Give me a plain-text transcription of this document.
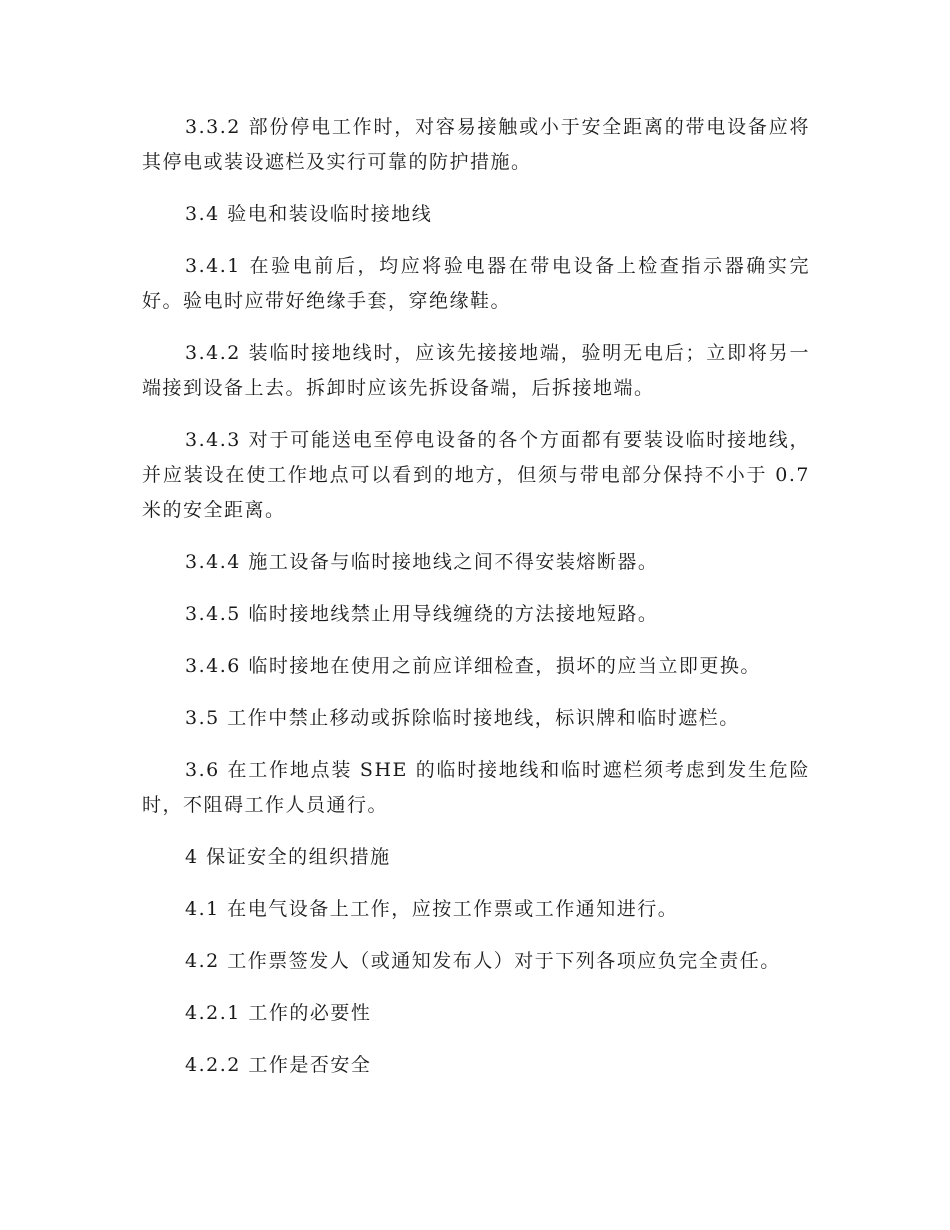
3.3.2 部份停电工作时，对容易接触或小于安全距离的带电设备应将其停电或装设遮栏及实行可靠的防护措施。

3.4 验电和装设临时接地线

3.4.1 在验电前后，均应将验电器在带电设备上检查指示器确实完好。验电时应带好绝缘手套，穿绝缘鞋。

3.4.2 装临时接地线时，应该先接接地端，验明无电后；立即将另一端接到设备上去。拆卸时应该先拆设备端，后拆接地端。

3.4.3 对于可能送电至停电设备的各个方面都有要装设临时接地线，并应装设在使工作地点可以看到的地方，但须与带电部分保持不小于 0.7 米的安全距离。

3.4.4 施工设备与临时接地线之间不得安装熔断器。

3.4.5 临时接地线禁止用导线缠绕的方法接地短路。

3.4.6 临时接地在使用之前应详细检查，损坏的应当立即更换。

3.5 工作中禁止移动或拆除临时接地线，标识牌和临时遮栏。

3.6 在工作地点装 SHE 的临时接地线和临时遮栏须考虑到发生危险时，不阻碍工作人员通行。

4 保证安全的组织措施

4.1 在电气设备上工作，应按工作票或工作通知进行。

4.2 工作票签发人（或通知发布人）对于下列各项应负完全责任。

4.2.1 工作的必要性

4.2.2 工作是否安全
